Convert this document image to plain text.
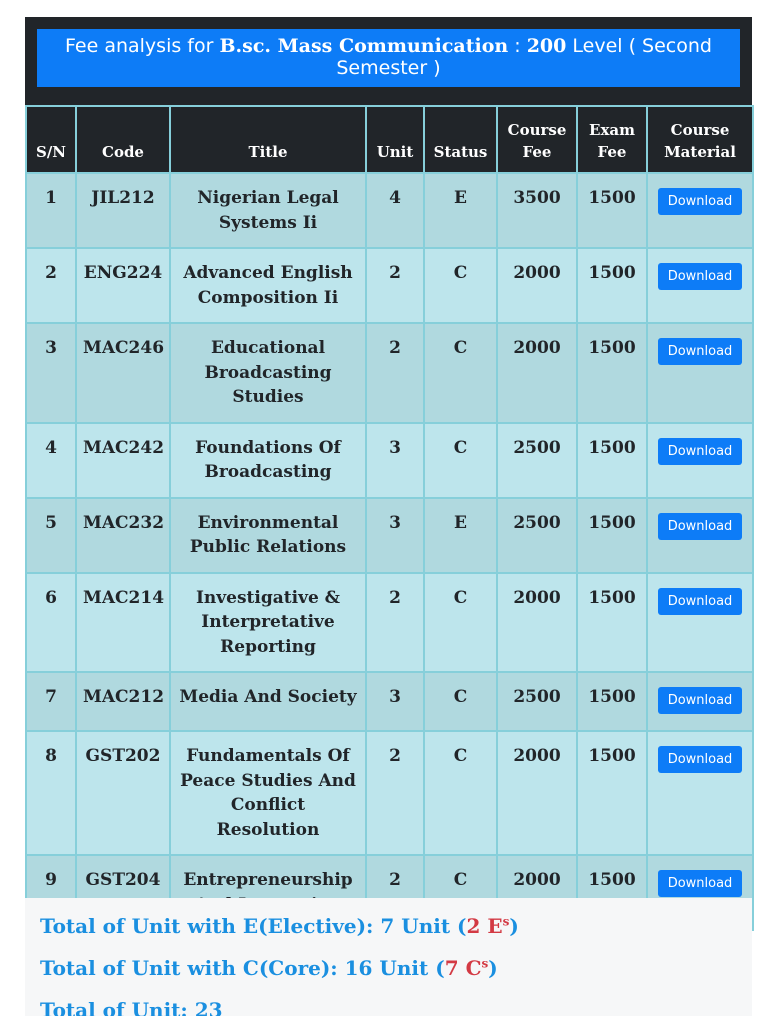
Fee analysis for B.sc. Mass Communication : 200 Level ( Second Semester )
S/N	Code	Title	Unit	Status	Course Fee	Exam Fee	Course Material
1	JIL212	Nigerian Legal Systems Ii	4	E	3500	1500	Download
2	ENG224	Advanced English Composition Ii	2	C	2000	1500	Download
3	MAC246	Educational Broadcasting Studies	2	C	2000	1500	Download
4	MAC242	Foundations Of Broadcasting	3	C	2500	1500	Download
5	MAC232	Environmental Public Relations	3	E	2500	1500	Download
6	MAC214	Investigative & Interpretative Reporting	2	C	2000	1500	Download
7	MAC212	Media And Society	3	C	2500	1500	Download
8	GST202	Fundamentals Of Peace Studies And Conflict Resolution	2	C	2000	1500	Download
9	GST204	Entrepreneurship	2	C	2000	1500	Download
Total of Unit with E(Elective): 7 Unit (2 $E^s$)
Total of Unit with C(Core): 16 Unit (7 $C^s$)
Total of Unit: 23
